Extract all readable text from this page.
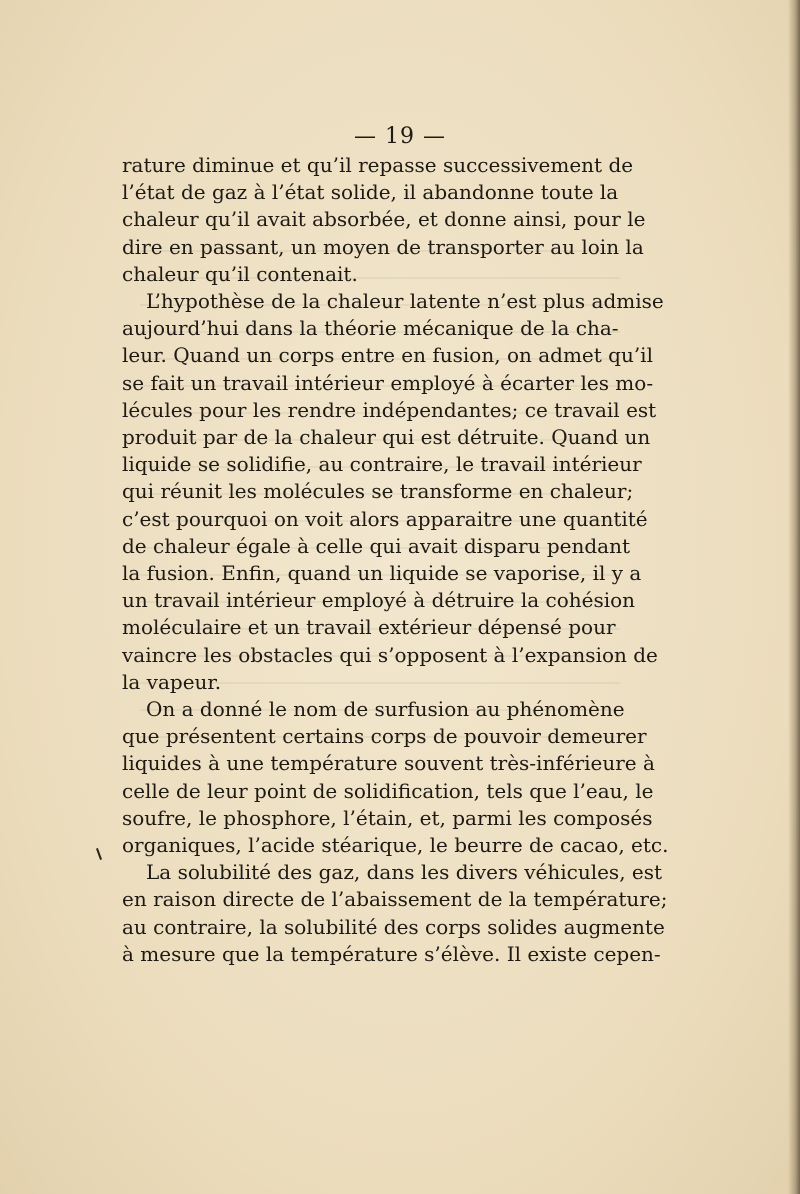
— 19 —
rature diminue et qu’il repasse successivement de
l’état de gaz à l’état solide, il abandonne toute la
chaleur qu’il avait absorbée, et donne ainsi, pour le
dire en passant, un moyen de transporter au loin la
chaleur qu’il contenait.
L’hypothèse de la chaleur latente n’est plus admise
aujourd’hui dans la théorie mécanique de la cha-
leur. Quand un corps entre en fusion, on admet qu’il
se fait un travail intérieur employé à écarter les mo-
lécules pour les rendre indépendantes; ce travail est
produit par de la chaleur qui est détruite. Quand un
liquide se solidifie, au contraire, le travail intérieur
qui réunit les molécules se transforme en chaleur;
c’est pourquoi on voit alors apparaitre une quantité
de chaleur égale à celle qui avait disparu pendant
la fusion. Enfin, quand un liquide se vaporise, il y a
un travail intérieur employé à détruire la cohésion
moléculaire et un travail extérieur dépensé pour
vaincre les obstacles qui s’opposent à l’expansion de
la vapeur.
On a donné le nom de surfusion au phénomène
que présentent certains corps de pouvoir demeurer
liquides à une température souvent très-inférieure à
celle de leur point de solidification, tels que l’eau, le
soufre, le phosphore, l’étain, et, parmi les composés
organiques, l’acide stéarique, le beurre de cacao, etc.
La solubilité des gaz, dans les divers véhicules, est
en raison directe de l’abaissement de la température;
au contraire, la solubilité des corps solides augmente
à mesure que la température s’élève. Il existe cepen-
